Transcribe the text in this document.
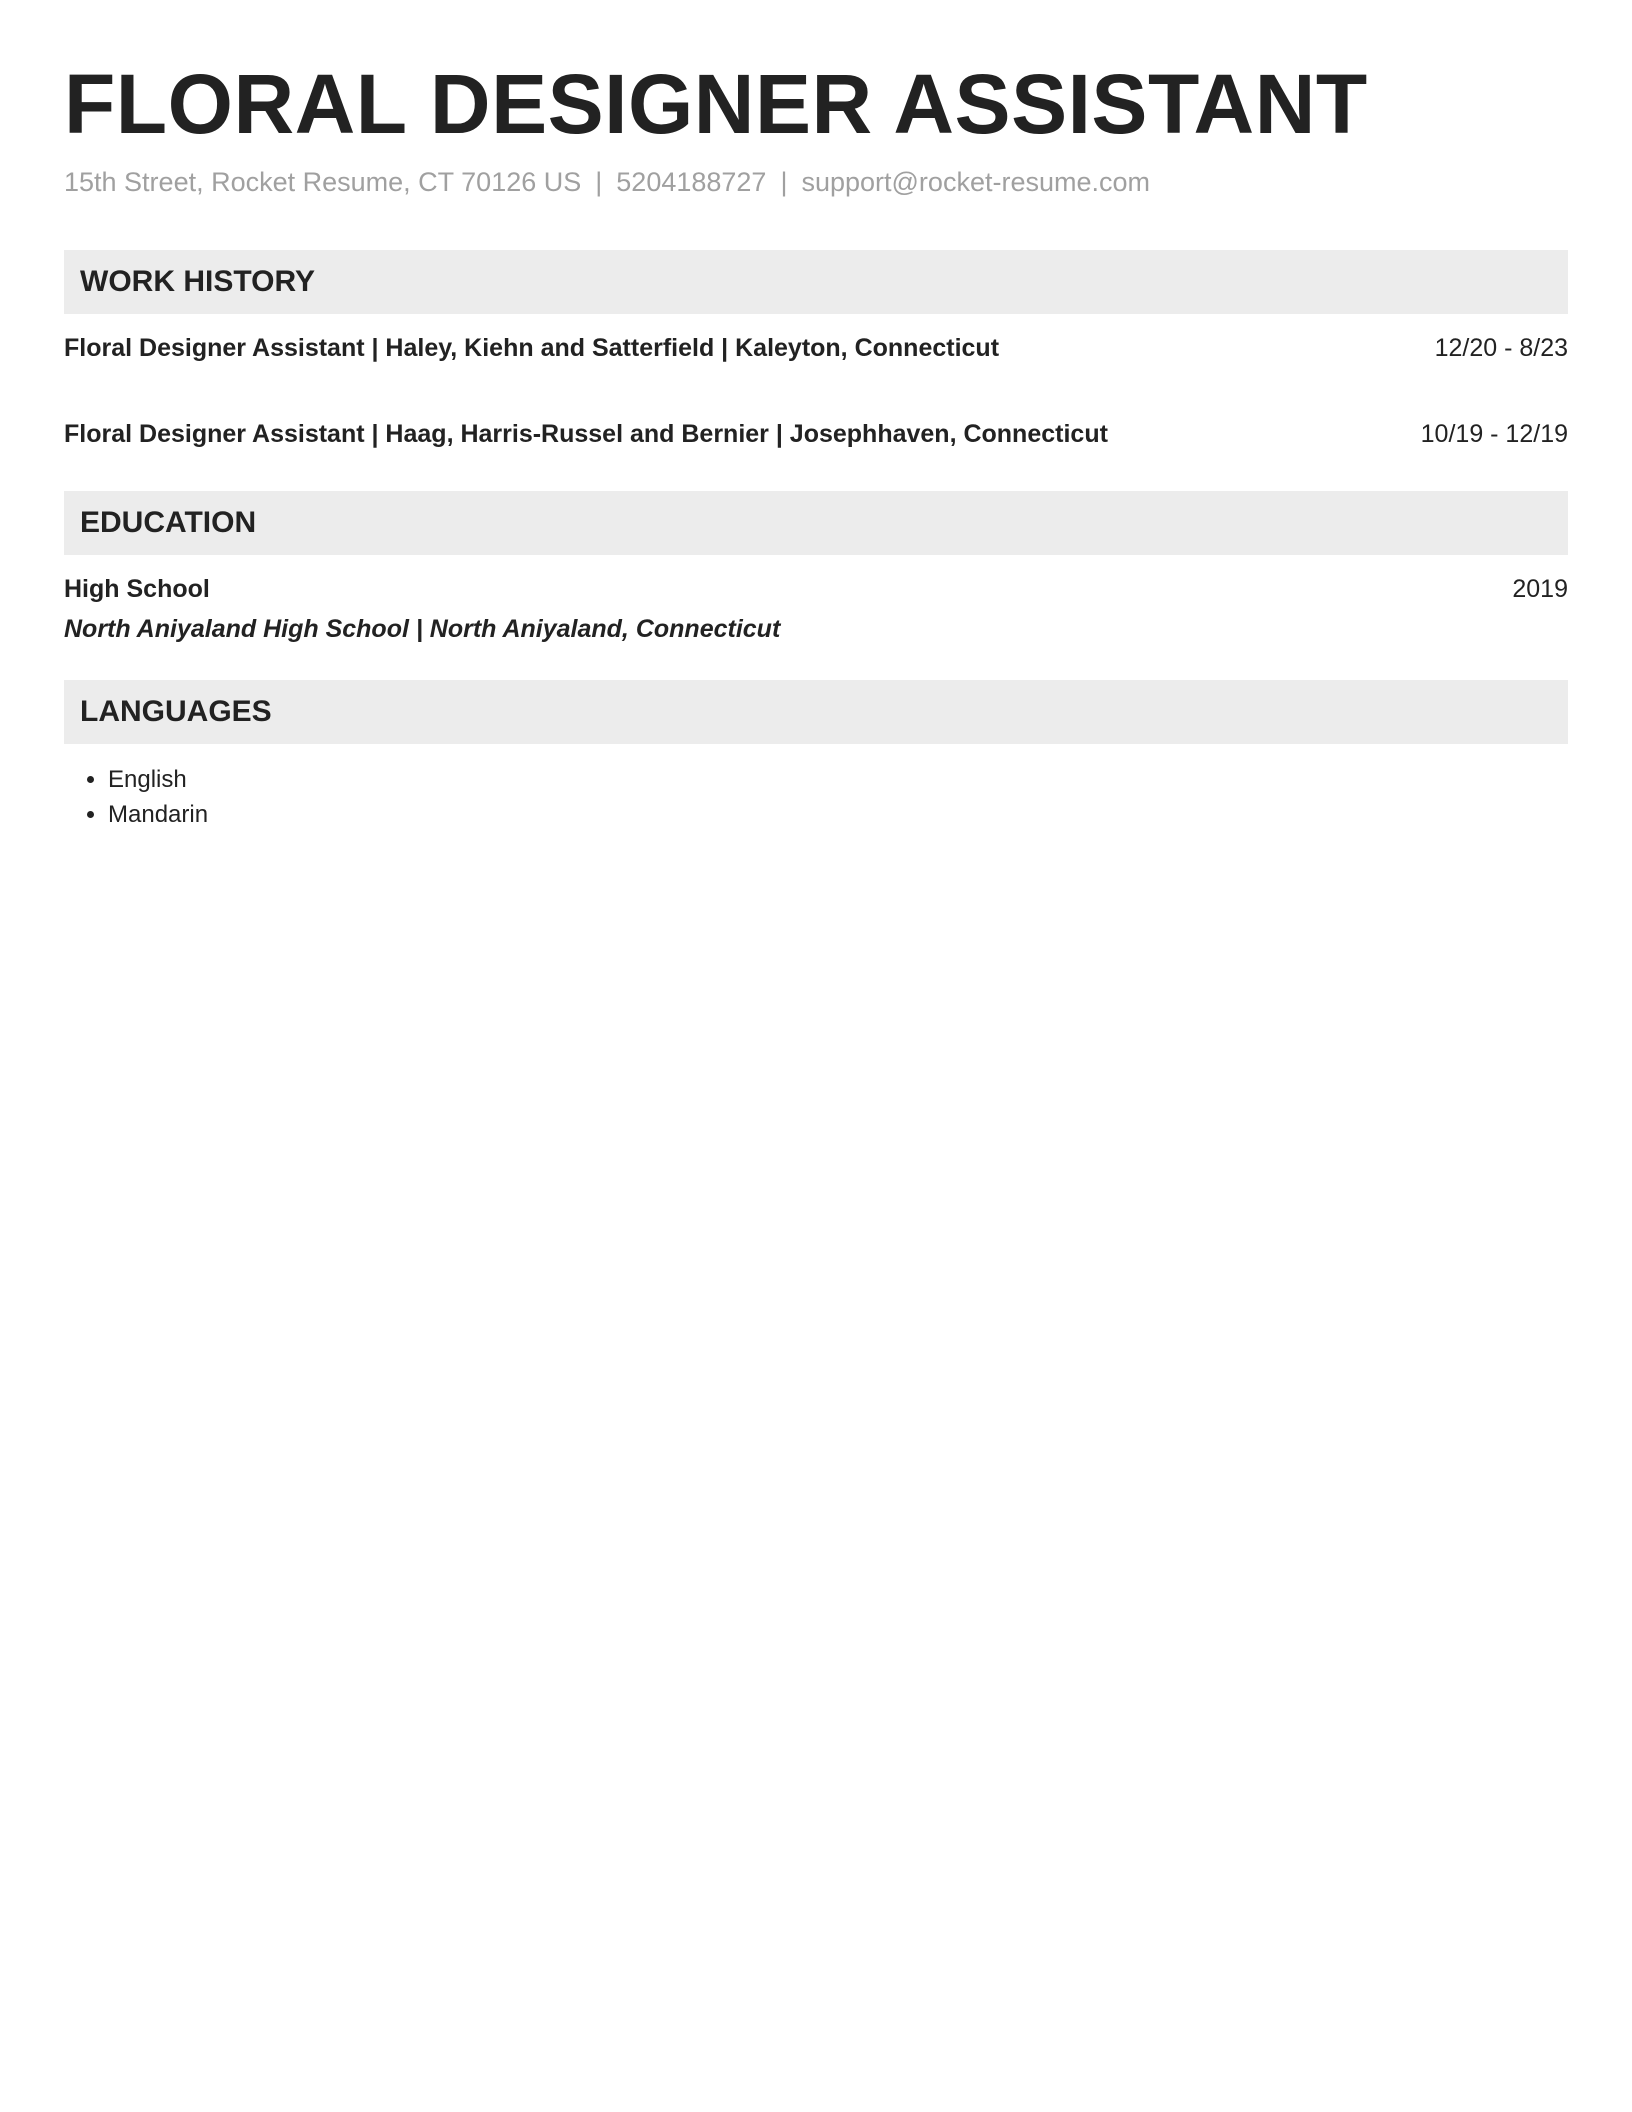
FLORAL DESIGNER ASSISTANT
15th Street, Rocket Resume, CT 70126 US | 5204188727 | support@rocket-resume.com
WORK HISTORY
Floral Designer Assistant | Haley, Kiehn and Satterfield | Kaleyton, Connecticut	12/20 - 8/23
Floral Designer Assistant | Haag, Harris-Russel and Bernier | Josephhaven, Connecticut	10/19 - 12/19
EDUCATION
High School	2019
North Aniyaland High School | North Aniyaland, Connecticut
LANGUAGES
• English
• Mandarin
